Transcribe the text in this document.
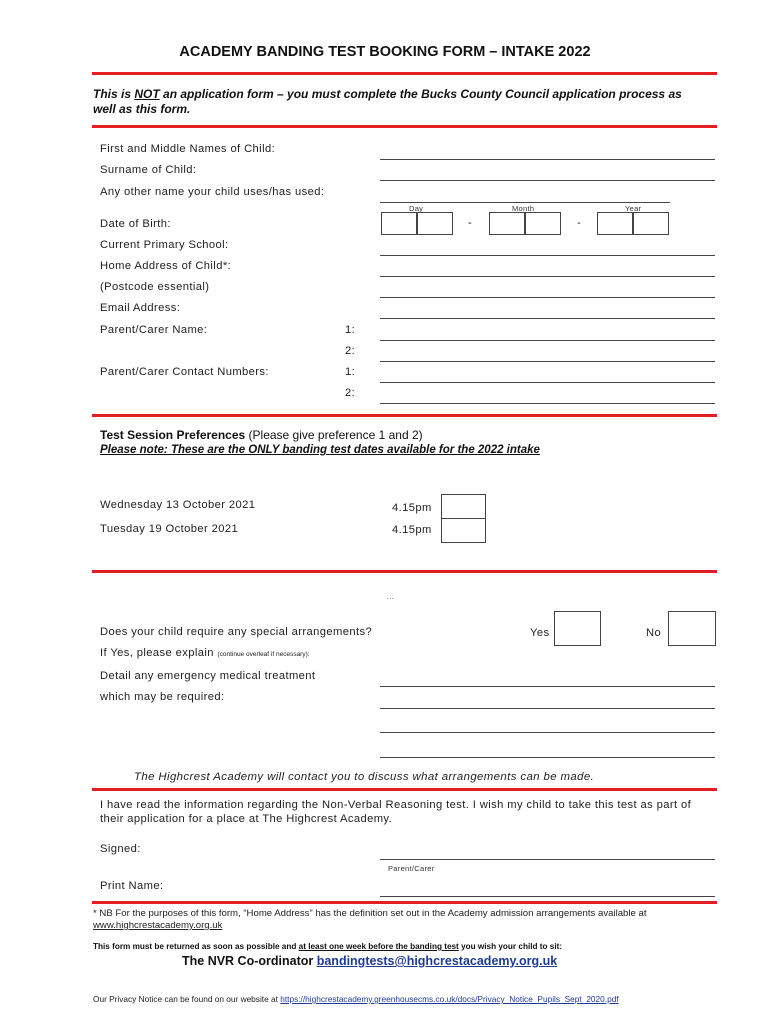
ACADEMY BANDING TEST BOOKING FORM – INTAKE 2022
This is NOT an application form – you must complete the Bucks County Council application process as well as this form.
First and Middle Names of Child:
Surname of Child:
Any other name your child uses/has used:
Day	Month	Year
Date of Birth:	-	-
Current Primary School:
Home Address of Child*:
(Postcode essential)
Email Address:
Parent/Carer Name:	1:
2:
Parent/Carer Contact Numbers:	1:
2:
Test Session Preferences (Please give preference 1 and 2)
Please note: These are the ONLY banding test dates available for the 2022 intake
Wednesday 13 October 2021	4.15pm
Tuesday 19 October 2021	4.15pm
...
Does your child require any special arrangements?	Yes	No
If Yes, please explain (continue overleaf if necessary):
Detail any emergency medical treatment
which may be required:
The Highcrest Academy will contact you to discuss what arrangements can be made.
I have read the information regarding the Non-Verbal Reasoning test. I wish my child to take this test as part of their application for a place at The Highcrest Academy.
Signed:
Parent/Carer
Print Name:
* NB For the purposes of this form, “Home Address” has the definition set out in the Academy admission arrangements available at www.highcrestacademy.org.uk
This form must be returned as soon as possible and at least one week before the banding test you wish your child to sit:
The NVR Co-ordinator bandingtests@highcrestacademy.org.uk
Our Privacy Notice can be found on our website at https://highcrestacademy.greenhousecms.co.uk/docs/Privacy_Notice_Pupils_Sept_2020.pdf
